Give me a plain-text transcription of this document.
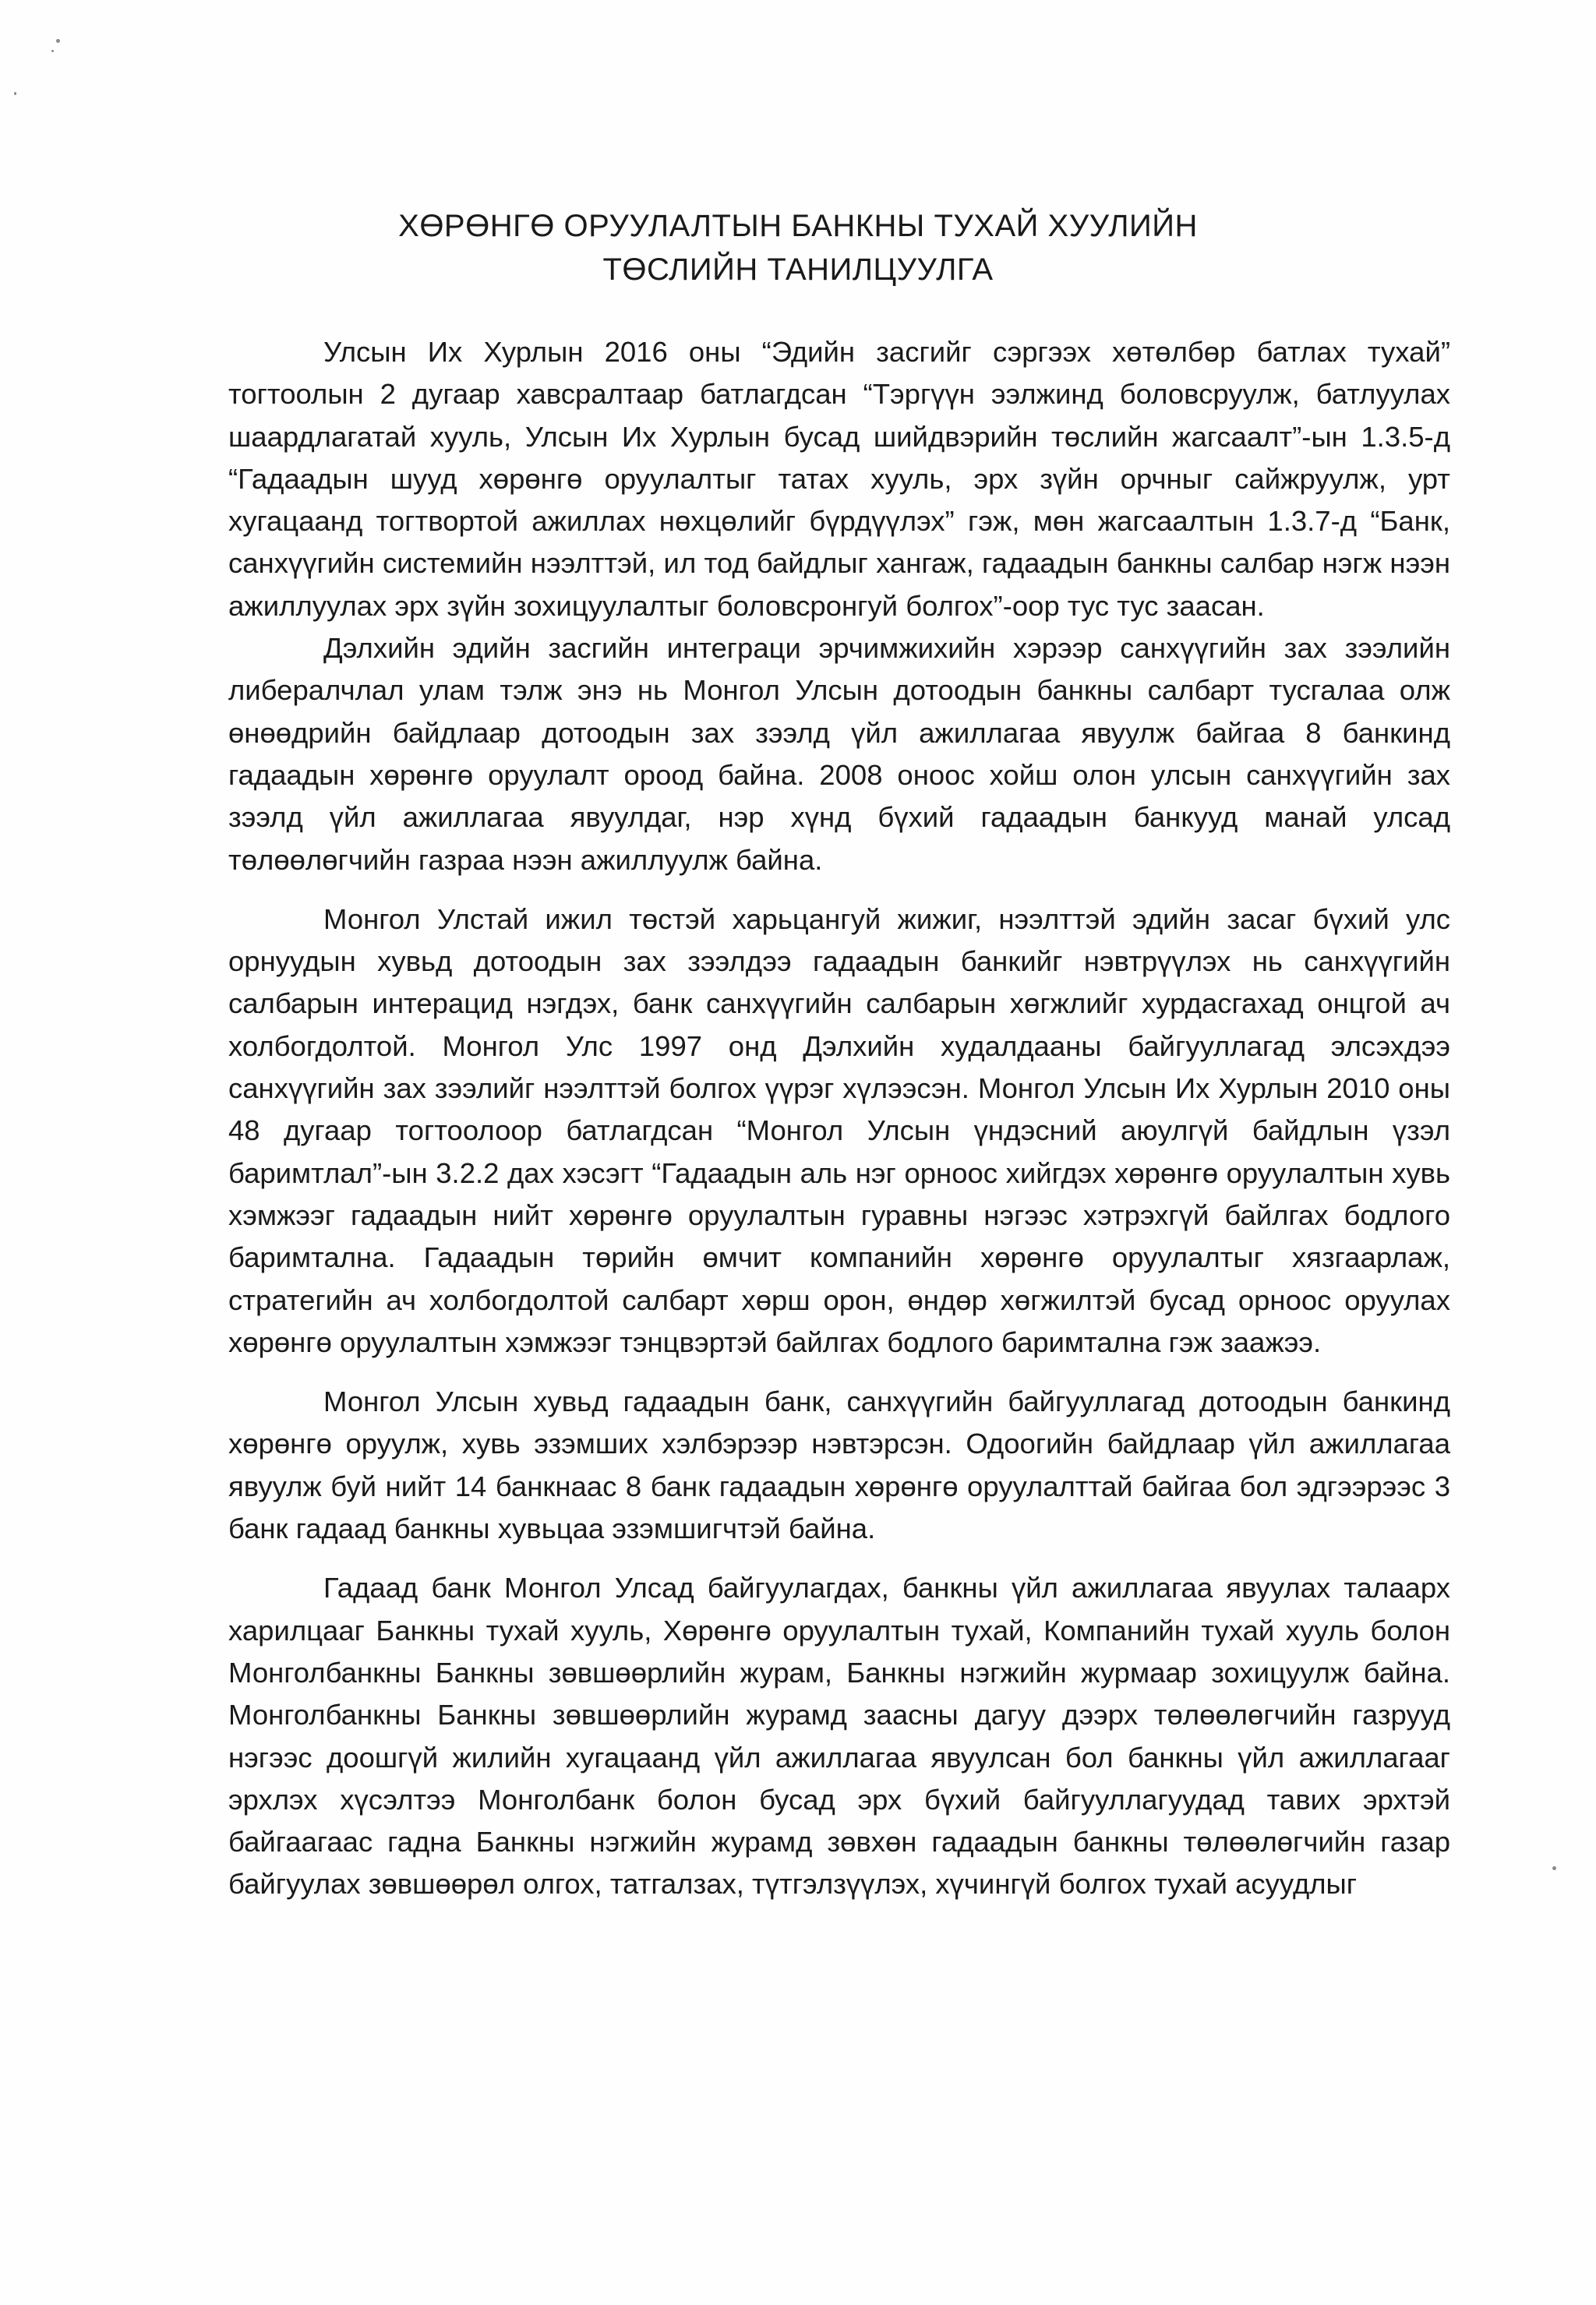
ХӨРӨНГӨ ОРУУЛАЛТЫН БАНКНЫ ТУХАЙ ХУУЛИЙН
ТӨСЛИЙН ТАНИЛЦУУЛГА

Улсын Их Хурлын 2016 оны “Эдийн засгийг сэргээх хөтөлбөр батлах тухай” тогтоолын 2 дугаар хавсралтаар батлагдсан “Тэргүүн ээлжинд боловсруулж, батлуулах шаардлагатай хууль, Улсын Их Хурлын бусад шийдвэрийн төслийн жагсаалт”-ын 1.3.5-д “Гадаадын шууд хөрөнгө оруулалтыг татах хууль, эрх зүйн орчныг сайжруулж, урт хугацаанд тогтвортой ажиллах нөхцөлийг бүрдүүлэх” гэж, мөн жагсаалтын 1.3.7-д “Банк, санхүүгийн системийн нээлттэй, ил тод байдлыг хангаж, гадаадын банкны салбар нэгж нээн ажиллуулах эрх зүйн зохицуулалтыг боловсронгуй болгох”-оор тус тус заасан.

Дэлхийн эдийн засгийн интеграци эрчимжихийн хэрээр санхүүгийн зах зээлийн либералчлал улам тэлж энэ нь Монгол Улсын дотоодын банкны салбарт тусгалаа олж өнөөдрийн байдлаар дотоодын зах зээлд үйл ажиллагаа явуулж байгаа 8 банкинд гадаадын хөрөнгө оруулалт ороод байна. 2008 оноос хойш олон улсын санхүүгийн зах зээлд үйл ажиллагаа явуулдаг, нэр хүнд бүхий гадаадын банкууд манай улсад төлөөлөгчийн газраа нээн ажиллуулж байна.

Монгол Улстай ижил төстэй харьцангуй жижиг, нээлттэй эдийн засаг бүхий улс орнуудын хувьд дотоодын зах зээлдээ гадаадын банкийг нэвтрүүлэх нь санхүүгийн салбарын интерацид нэгдэх, банк санхүүгийн салбарын хөгжлийг хурдасгахад онцгой ач холбогдолтой. Монгол Улс 1997 онд Дэлхийн худалдааны байгууллагад элсэхдээ санхүүгийн зах зээлийг нээлттэй болгох үүрэг хүлээсэн. Монгол Улсын Их Хурлын 2010 оны 48 дугаар тогтоолоор батлагдсан “Монгол Улсын үндэсний аюулгүй байдлын үзэл баримтлал”-ын 3.2.2 дах хэсэгт “Гадаадын аль нэг орноос хийгдэх хөрөнгө оруулалтын хувь хэмжээг гадаадын нийт хөрөнгө оруулалтын гуравны нэгээс хэтрэхгүй байлгах бодлого баримтална. Гадаадын төрийн өмчит компанийн хөрөнгө оруулалтыг хязгаарлаж, стратегийн ач холбогдолтой салбарт хөрш орон, өндөр хөгжилтэй бусад орноос оруулах хөрөнгө оруулалтын хэмжээг тэнцвэртэй байлгах бодлого баримтална гэж заажээ.

Монгол Улсын хувьд гадаадын банк, санхүүгийн байгууллагад дотоодын банкинд хөрөнгө оруулж, хувь эзэмших хэлбэрээр нэвтэрсэн. Одоогийн байдлаар үйл ажиллагаа явуулж буй нийт 14 банкнаас 8 банк гадаадын хөрөнгө оруулалттай байгаа бол эдгээрээс 3 банк гадаад банкны хувьцаа эзэмшигчтэй байна.

Гадаад банк Монгол Улсад байгуулагдах, банкны үйл ажиллагаа явуулах талаарх харилцааг Банкны тухай хууль, Хөрөнгө оруулалтын тухай, Компанийн тухай хууль болон Монголбанкны Банкны зөвшөөрлийн журам, Банкны нэгжийн журмаар зохицуулж байна. Монголбанкны Банкны зөвшөөрлийн журамд заасны дагуу дээрх төлөөлөгчийн газрууд нэгээс доошгүй жилийн хугацаанд үйл ажиллагаа явуулсан бол банкны үйл ажиллагааг эрхлэх хүсэлтээ Монголбанк болон бусад эрх бүхий байгууллагуудад тавих эрхтэй байгаагаас гадна Банкны нэгжийн журамд зөвхөн гадаадын банкны төлөөлөгчийн газар байгуулах зөвшөөрөл олгох, татгалзах, түтгэлзүүлэх, хүчингүй болгох тухай асуудлыг
